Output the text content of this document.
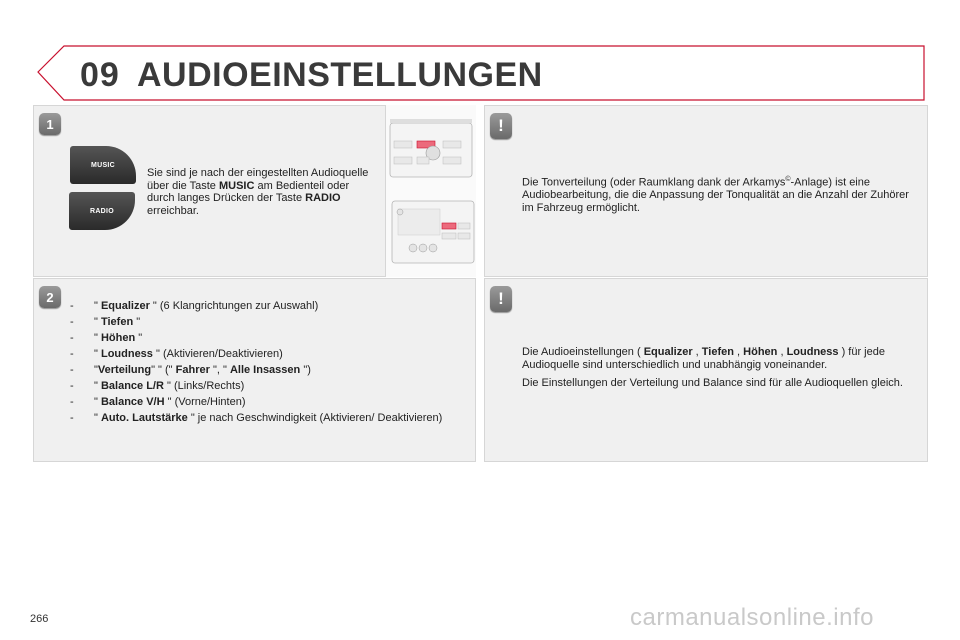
09 AUDIOEINSTELLUNGEN
1
MUSIC
RADIO
Sie sind je nach der eingestellten Audioquelle über die Taste MUSIC am Bedienteil oder durch langes Drücken der Taste RADIO erreichbar.
2
- " Equalizer " (6 Klangrichtungen zur Auswahl)
- " Tiefen "
- " Höhen "
- " Loudness " (Aktivieren/Deaktivieren)
- "Verteilung" " (" Fahrer ", " Alle Insassen ")
- " Balance L/R " (Links/Rechts)
- " Balance V/H " (Vorne/Hinten)
- " Auto. Lautstärke " je nach Geschwindigkeit (Aktivieren/ Deaktivieren)
!
Die Tonverteilung (oder Raumklang dank der Arkamys©-Anlage) ist eine Audiobearbeitung, die die Anpassung der Tonqualität an die Anzahl der Zuhörer im Fahrzeug ermöglicht.
!

Die Audioeinstellungen ( Equalizer , Tiefen , Höhen , Loudness ) für jede Audioquelle sind unterschiedlich und unabhängig voneinander.

Die Einstellungen der Verteilung und Balance sind für alle Audioquellen gleich.

266	carmanualsonline.info
